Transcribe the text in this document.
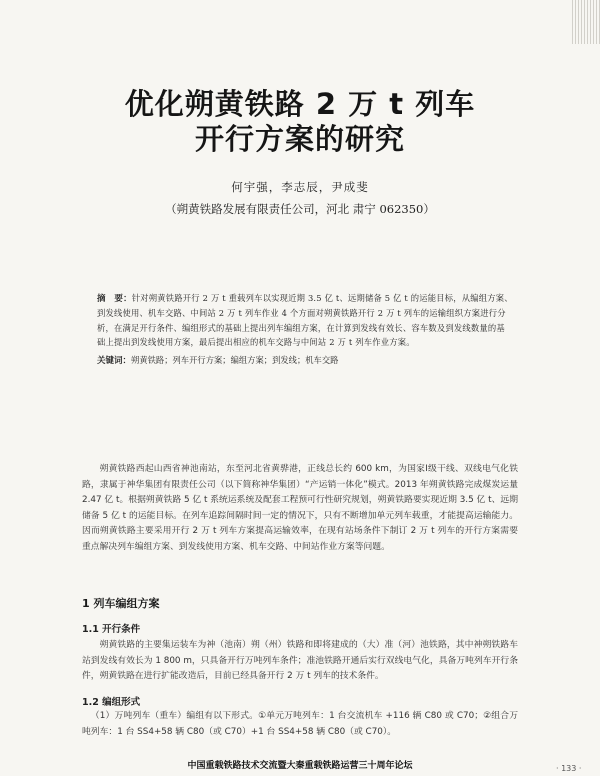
优化朔黄铁路 2 万 t 列车
开行方案的研究
何宇强，李志辰，尹成斐
（朔黄铁路发展有限责任公司，河北 肃宁 062350）
摘　要：针对朔黄铁路开行 2 万 t 重载列车以实现近期 3.5 亿 t、远期储备 5 亿 t 的运能目标，从编组方案、到发线使用、机车交路、中间站 2 万 t 列车作业 4 个方面对朔黄铁路开行 2 万 t 列车的运输组织方案进行分析，在满足开行条件、编组形式的基础上提出列车编组方案，在计算到发线有效长、容车数及到发线数量的基础上提出到发线使用方案，最后提出相应的机车交路与中间站 2 万 t 列车作业方案。
关键词：朔黄铁路；列车开行方案；编组方案；到发线；机车交路
朔黄铁路西起山西省神池南站，东至河北省黄骅港，正线总长约 600 km，为国家Ⅰ级干线、双线电气化铁路，隶属于神华集团有限责任公司（以下简称神华集团）“产运销一体化”模式。2013 年朔黄铁路完成煤炭运量 2.47 亿 t。根据朔黄铁路 5 亿 t 系统运系统及配套工程预可行性研究规划，朔黄铁路要实现近期 3.5 亿 t、远期储备 5 亿 t 的运能目标。在列车追踪间隔时间一定的情况下，只有不断增加单元列车载重，才能提高运输能力。因而朔黄铁路主要采用开行 2 万 t 列车方案提高运输效率，在现有站场条件下制订 2 万 t 列车的开行方案需要重点解决列车编组方案、到发线使用方案、机车交路、中间站作业方案等问题。
1 列车编组方案
1.1 开行条件
朔黄铁路的主要集运装车为神（池南）朔（州）铁路和即将建成的（大）准（河）池铁路，其中神朔铁路车站到发线有效长为 1 800 m，只具备开行万吨列车条件；准池铁路开通后实行双线电气化，具备万吨列车开行条件，朔黄铁路在进行扩能改造后，目前已经具备开行 2 万 t 列车的技术条件。
1.2 编组形式
（1）万吨列车（重车）编组有以下形式。①单元万吨列车：1 台交流机车 +116 辆 C80 或 C70；②组合万吨列车：1 台 SS4+58 辆 C80（或 C70）+1 台 SS4+58 辆 C80（或 C70）。
中国重载铁路技术交流暨大秦重载铁路运营三十周年论坛	· 133 ·
